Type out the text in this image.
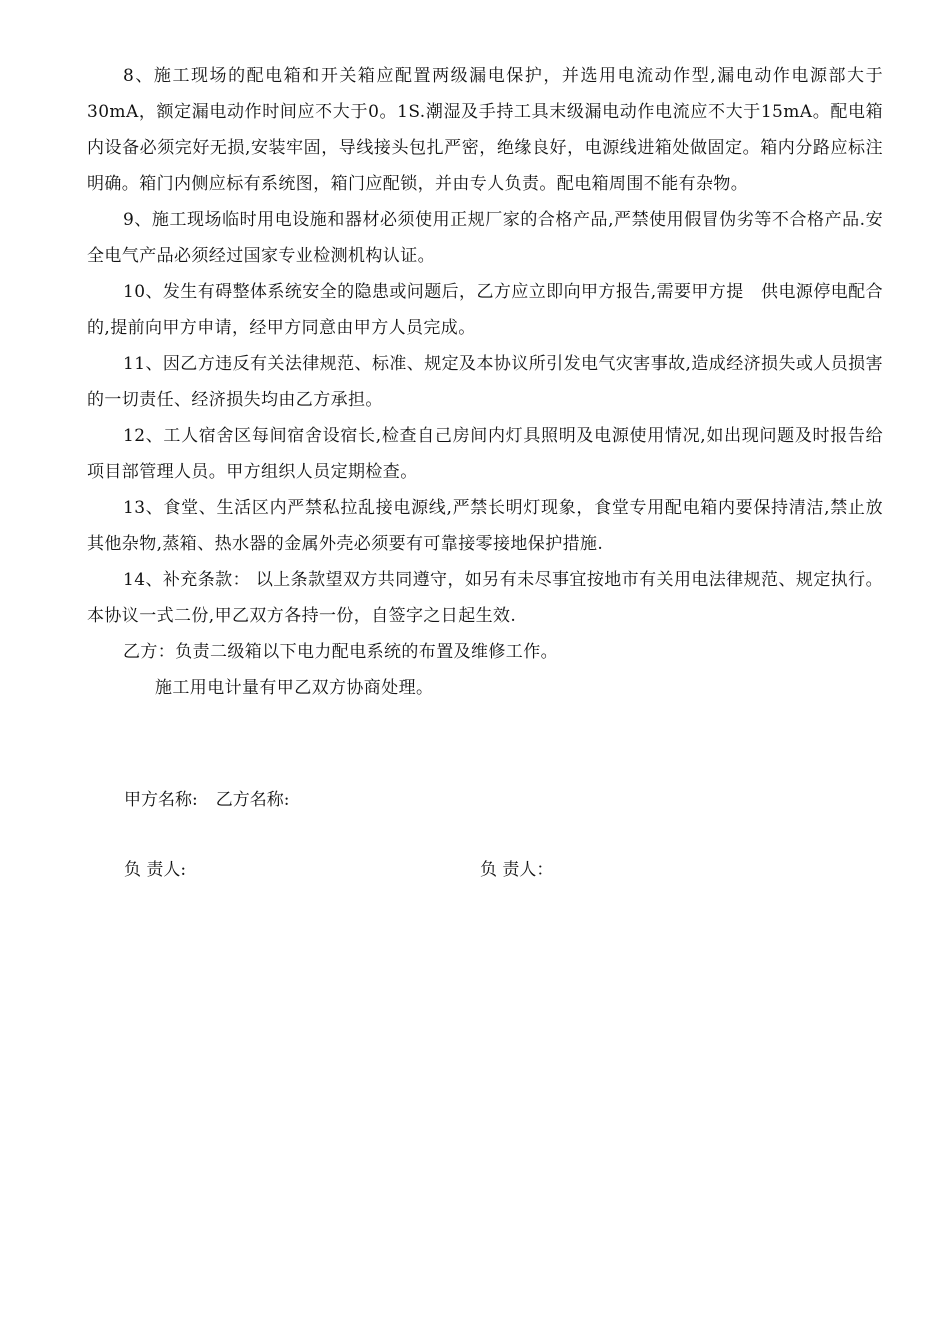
8、施工现场的配电箱和开关箱应配置两级漏电保护，并选用电流动作型,漏电动作电源部大于30mA，额定漏电动作时间应不大于0。1S.潮湿及手持工具末级漏电动作电流应不大于15mA。配电箱内设备必须完好无损,安装牢固，导线接头包扎严密，绝缘良好，电源线进箱处做固定。箱内分路应标注明确。箱门内侧应标有系统图，箱门应配锁，并由专人负责。配电箱周围不能有杂物。

9、施工现场临时用电设施和器材必须使用正规厂家的合格产品,严禁使用假冒伪劣等不合格产品.安全电气产品必须经过国家专业检测机构认证。

10、发生有碍整体系统安全的隐患或问题后，乙方应立即向甲方报告,需要甲方提　供电源停电配合的,提前向甲方申请，经甲方同意由甲方人员完成。

11、因乙方违反有关法律规范、标准、规定及本协议所引发电气灾害事故,造成经济损失或人员损害的一切责任、经济损失均由乙方承担。

12、工人宿舍区每间宿舍设宿长,检查自己房间内灯具照明及电源使用情况,如出现问题及时报告给项目部管理人员。甲方组织人员定期检查。

13、食堂、生活区内严禁私拉乱接电源线,严禁长明灯现象，食堂专用配电箱内要保持清洁,禁止放其他杂物,蒸箱、热水器的金属外壳必须要有可靠接零接地保护措施.

14、补充条款： 以上条款望双方共同遵守，如另有未尽事宜按地市有关用电法律规范、规定执行。本协议一式二份,甲乙双方各持一份，自签字之日起生效.

乙方：负责二级箱以下电力配电系统的布置及维修工作。

施工用电计量有甲乙双方协商处理。

甲方名称: 乙方名称:
负 责人:	负 责人：
